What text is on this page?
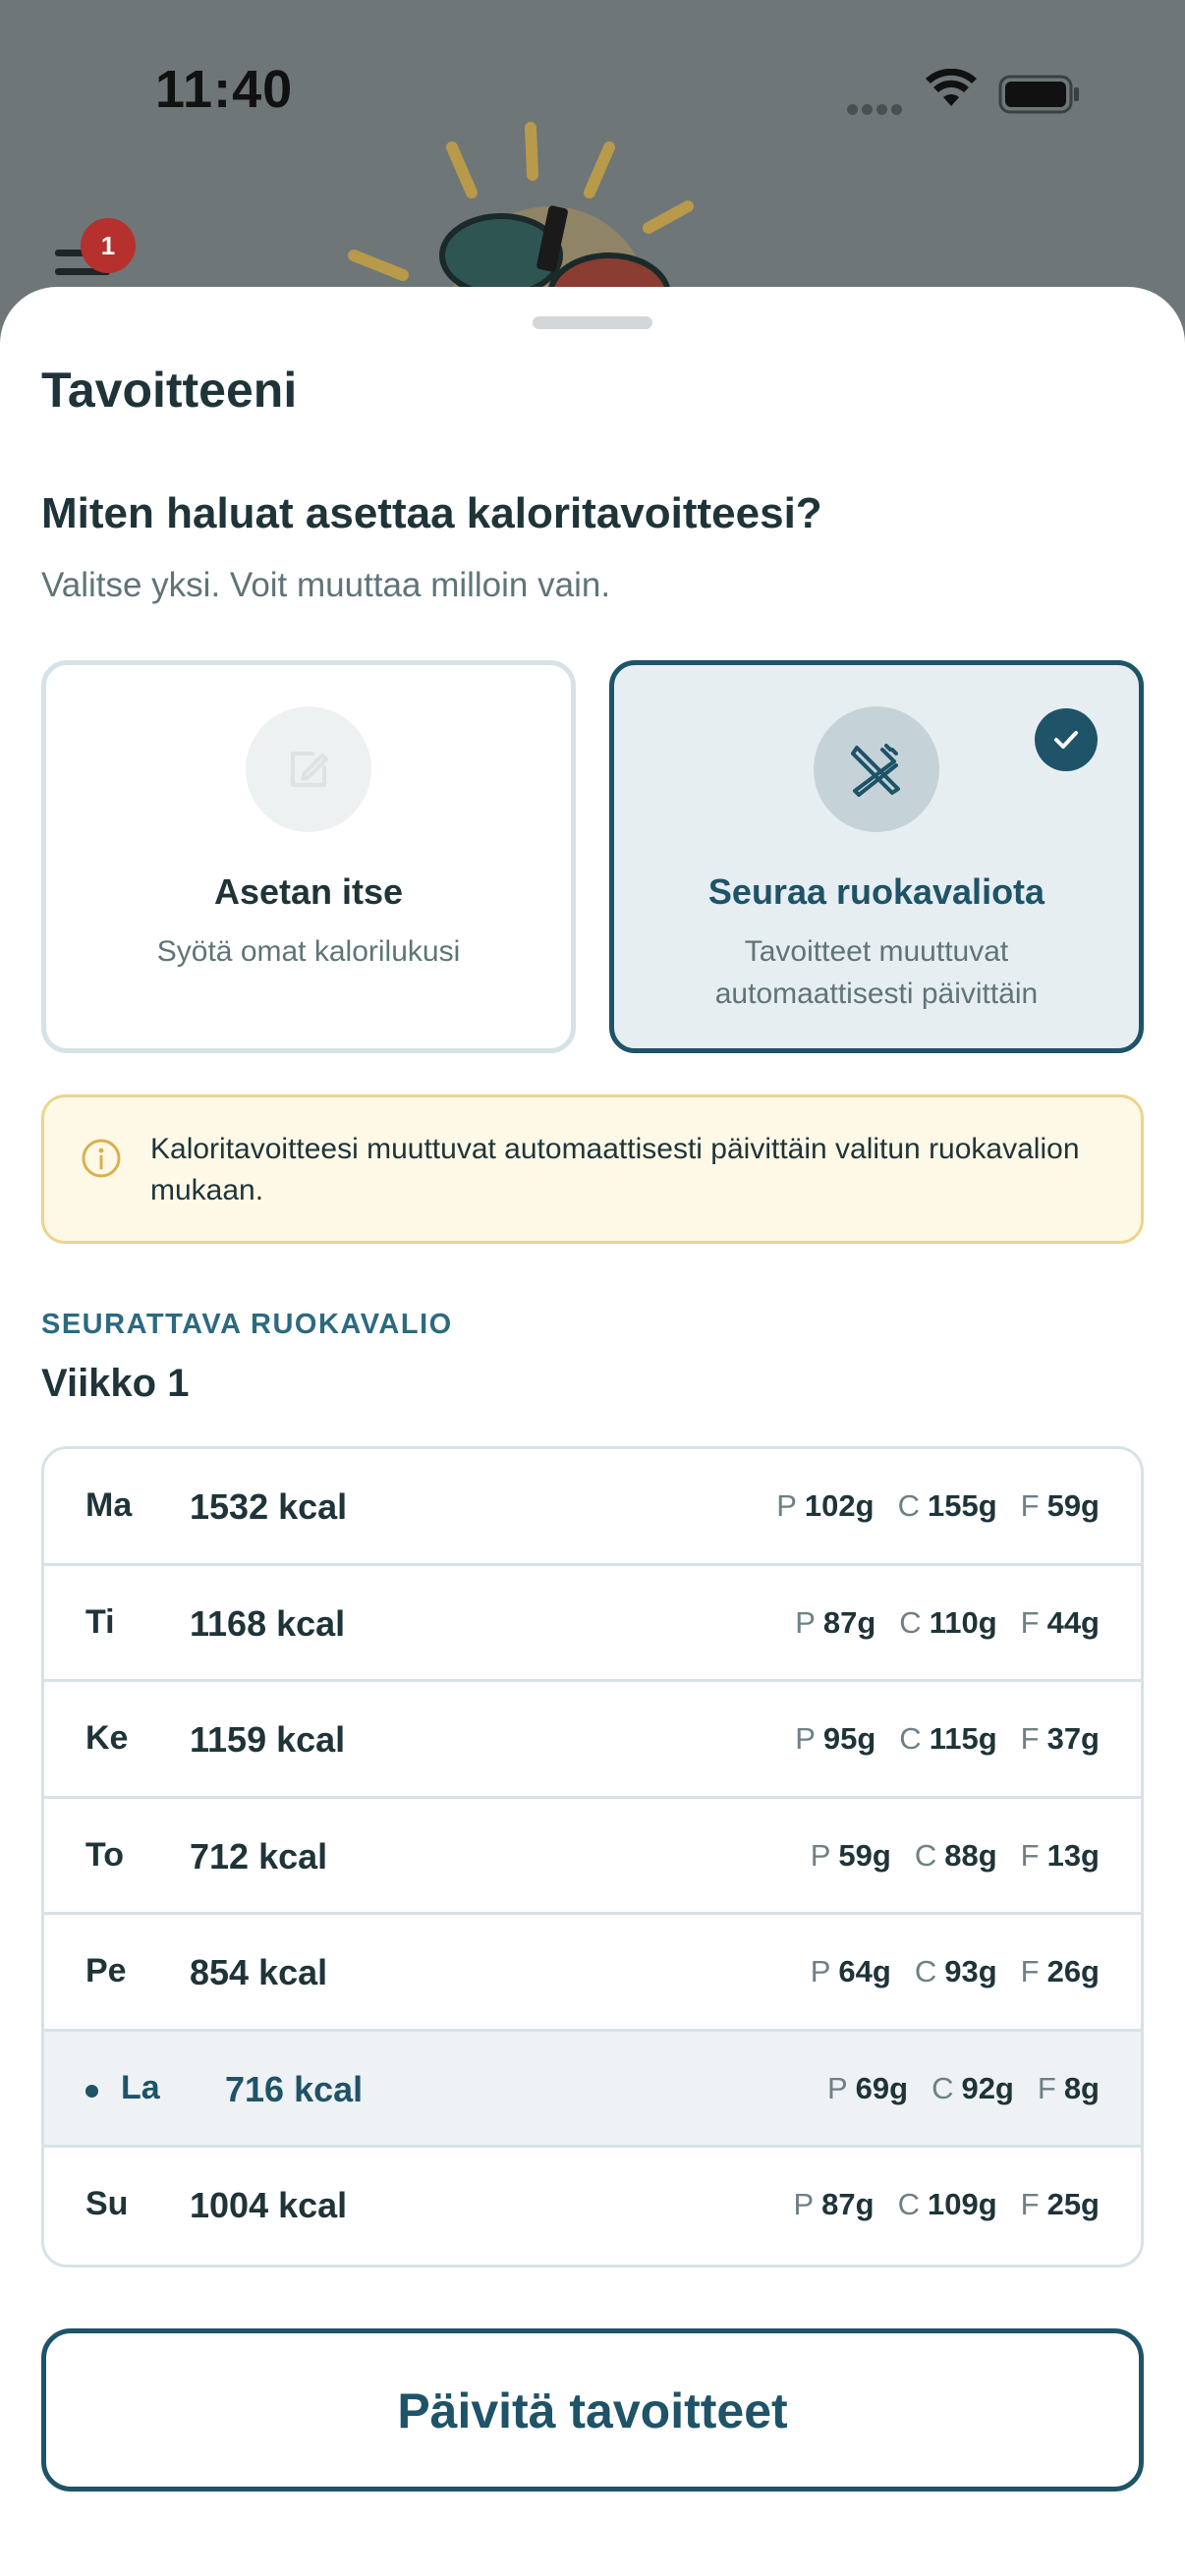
11:40
1
Tavoitteeni
Miten haluat asettaa kaloritavoitteesi?
Valitse yksi. Voit muuttaa milloin vain.
Asetan itse
Syötä omat kalorilukusi
Seuraa ruokavaliota
Tavoitteet muuttuvat automaattisesti päivittäin
Kaloritavoitteesi muuttuvat automaattisesti päivittäin valitun ruokavalion mukaan.
SEURATTAVA RUOKAVALIO
Viikko 1
Ma 1532 kcal	P 102g C 155g F 59g
Ti 1168 kcal	P 87g C 110g F 44g
Ke 1159 kcal	P 95g C 115g F 37g
To 712 kcal	P 59g C 88g F 13g
Pe 854 kcal	P 64g C 93g F 26g
La 716 kcal	P 69g C 92g F 8g
Su 1004 kcal	P 87g C 109g F 25g
Päivitä tavoitteet
